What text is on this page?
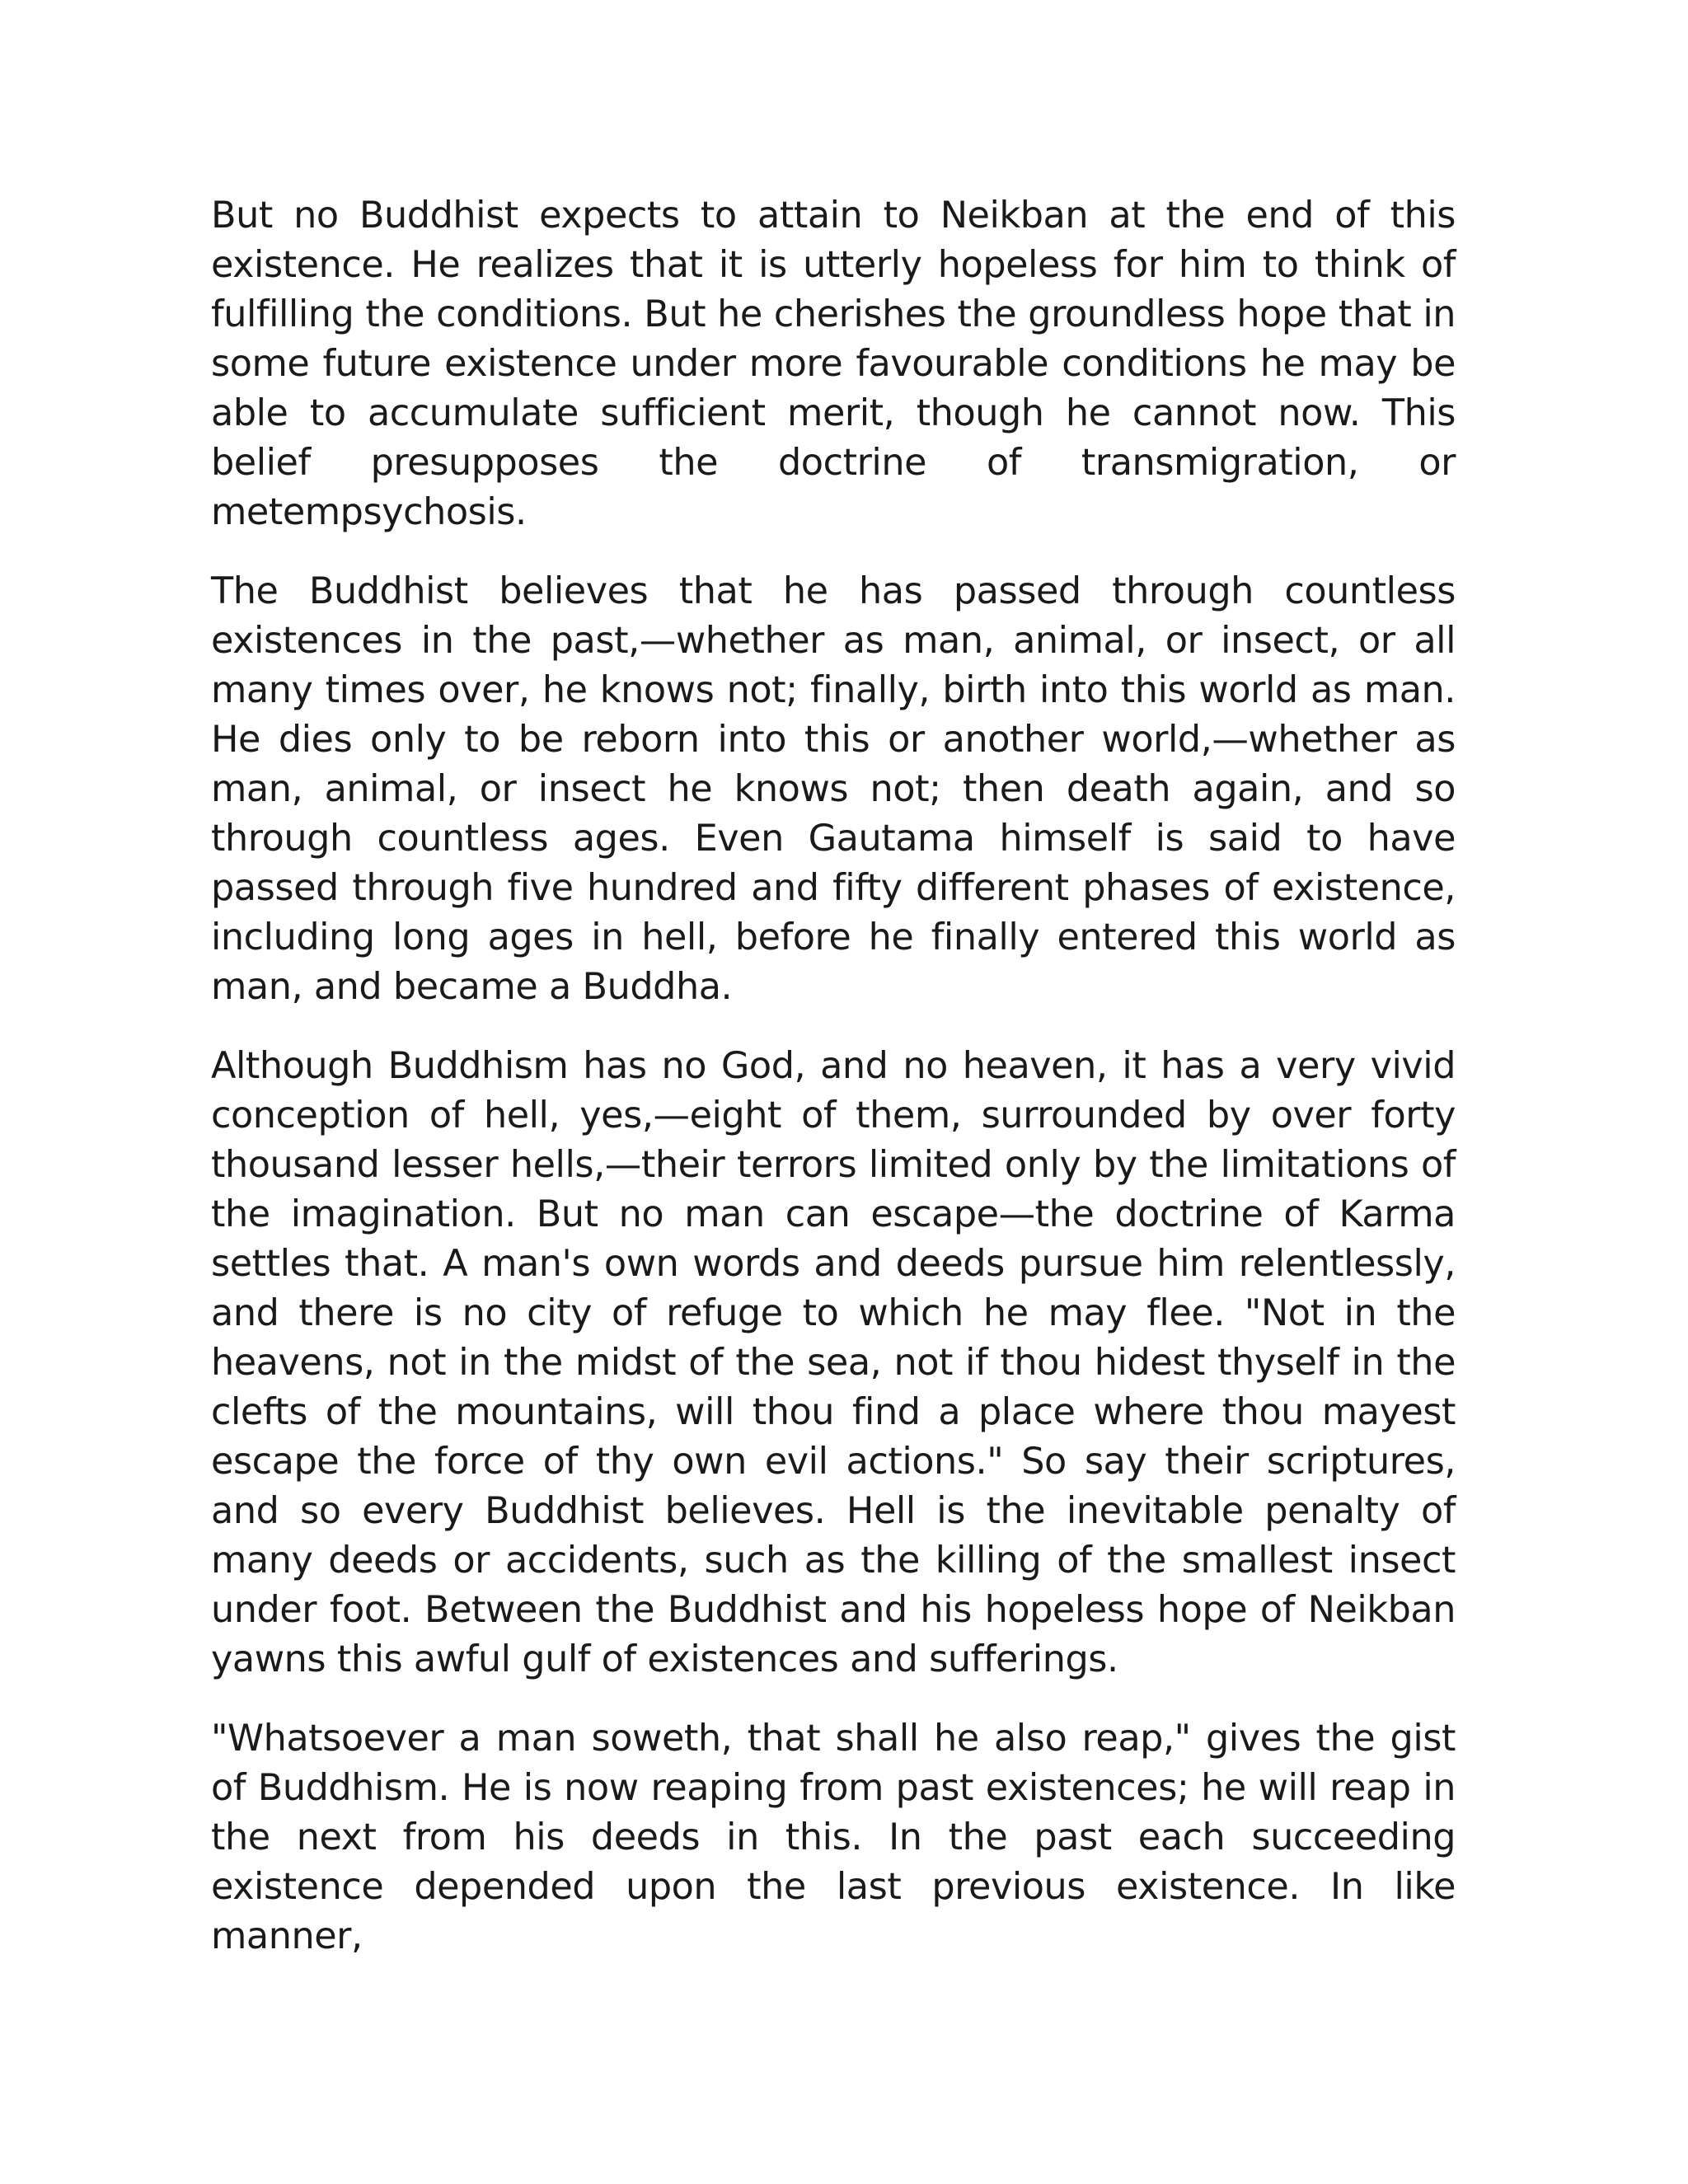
But no Buddhist expects to attain to Neikban at the end of this existence. He realizes that it is utterly hopeless for him to think of fulfilling the conditions. But he cherishes the groundless hope that in some future existence under more favourable conditions he may be able to accumulate sufficient merit, though he cannot now. This belief presupposes the doctrine of transmigration, or metempsychosis.

The Buddhist believes that he has passed through countless existences in the past,—whether as man, animal, or insect, or all many times over, he knows not; finally, birth into this world as man. He dies only to be reborn into this or another world,—whether as man, animal, or insect he knows not; then death again, and so through countless ages. Even Gautama himself is said to have passed through five hundred and fifty different phases of existence, including long ages in hell, before he finally entered this world as man, and became a Buddha.

Although Buddhism has no God, and no heaven, it has a very vivid conception of hell, yes,—eight of them, surrounded by over forty thousand lesser hells,—their terrors limited only by the limitations of the imagination. But no man can escape—the doctrine of Karma settles that. A man's own words and deeds pursue him relentlessly, and there is no city of refuge to which he may flee. "Not in the heavens, not in the midst of the sea, not if thou hidest thyself in the clefts of the mountains, will thou find a place where thou mayest escape the force of thy own evil actions." So say their scriptures, and so every Buddhist believes. Hell is the inevitable penalty of many deeds or accidents, such as the killing of the smallest insect under foot. Between the Buddhist and his hopeless hope of Neikban yawns this awful gulf of existences and sufferings.

"Whatsoever a man soweth, that shall he also reap," gives the gist of Buddhism. He is now reaping from past existences; he will reap in the next from his deeds in this. In the past each succeeding existence depended upon the last previous existence. In like manner,
